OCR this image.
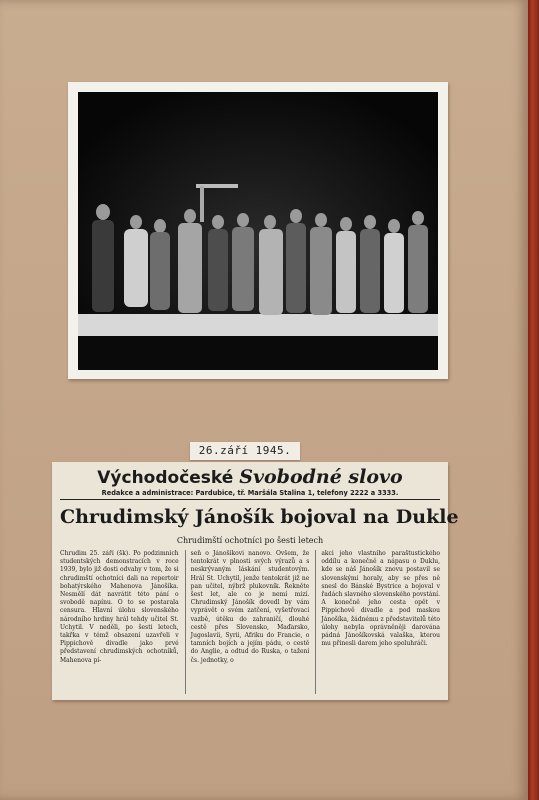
26.září 1945.
Východočeské Svobodné slovo
Redakce a administrace: Pardubice, tř. Maršála Stalina 1, telefony 2222 a 3333.
Chrudimský Jánošík bojoval na Dukle
Chrudimští ochotníci po šesti letech
Chrudim 25. září (šk). Po podzimních studentských demonstracích v roce 1939, bylo již dosti odvahy v tom, že si chrudimští ochotníci dali na repertoir bohatýrského Mahenova Jánošíka. Nesmělí dát navrátit této pání o svobodě napínu. O to se postarala censura. Hlavní úlohu slovenského národního hrdiny hrál tehdy učitel St. Uchytil. V neděli, po šesti letech, takřka v témž obsazení uzavřeli v Pippichově divadle jako prvé představení chrudimských ochotníků, Mahenova pí-
seň o Jánošíkovi nanovo. Ovšem, že tentokrát v plnosti svých výrazů a s neskrývaným láskání studentovým. Hrál St. Uchytil, jenže tentokrát již ne pan učitel, nýbrž plukovník. Řekněte šest let, ale co je nemí mizí. Chrudimský Jánošík dovedl by vám vyprávět o svém zatčení, vyšetřovací vazbě, útěku do zahraničí, dlouhé cestě přes Slovensko, Maďarsko, Jugoslavii, Syrii, Afriku do Francie, o tamních bojích a jejím pádu, o cestě do Anglie, a odtud do Ruska, o tažení čs. jednotky, o
akci jeho vlastního paraštustického oddílu a konečně a nápasu o Duklu, kde se náš Jánošík znovu postavil se slovenskými horaly, aby se přes ně snesl do Bánské Bystrice a bojoval v řadách slavného slovenského povstání. A konečně jeho cesta opět v Pippichově divadle a pod maskou Jánošíka, žádnému z představitelů této úlohy nebyla oprávněněji darována pádná Jánošíkovská valaška, kterou mu přinesli darem jeho spoluhráči.
